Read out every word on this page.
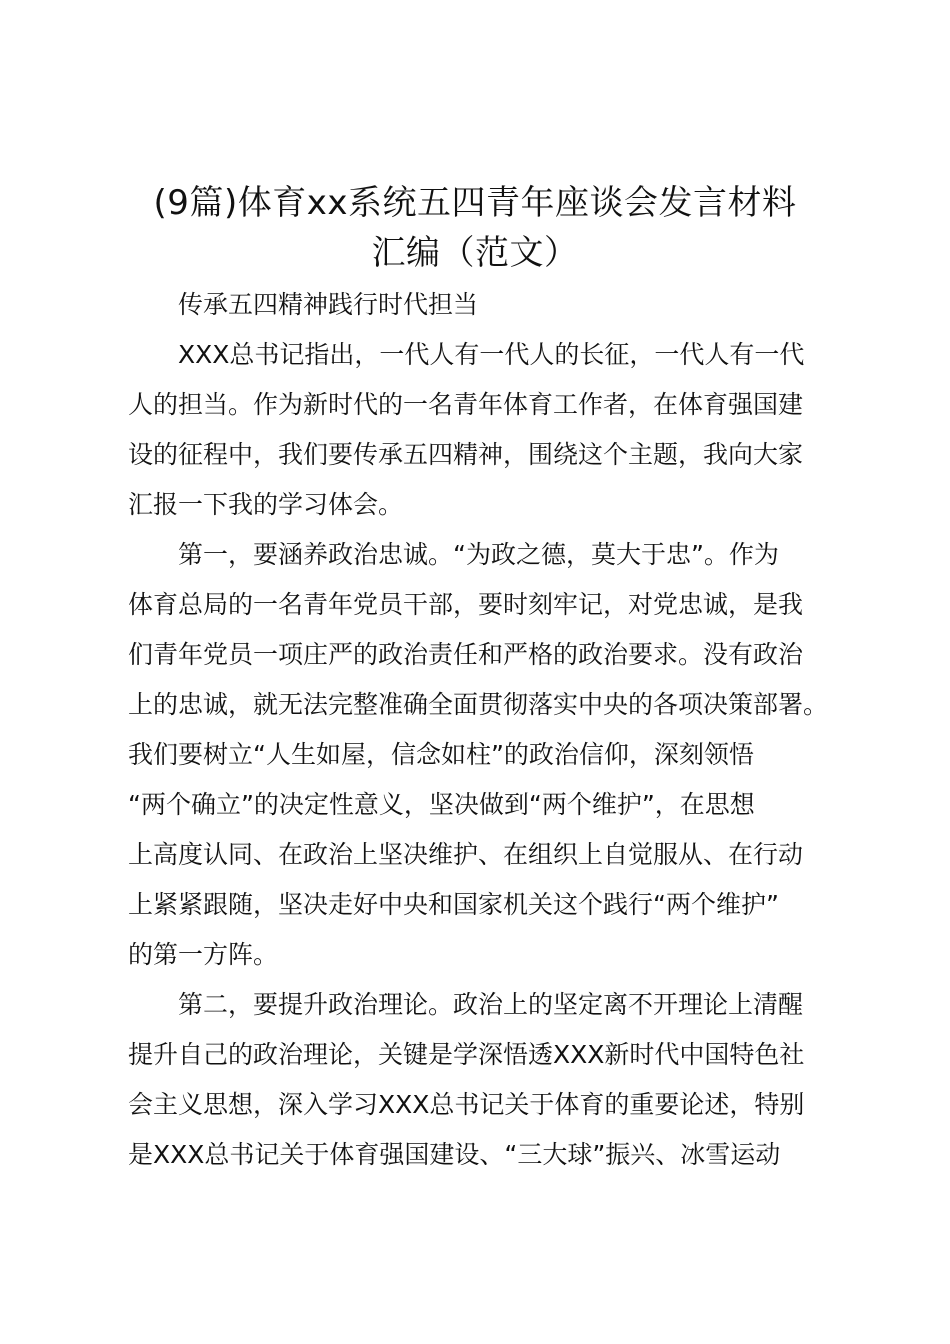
(9篇)体育xx系统五四青年座谈会发言材料
汇编（范文）
传承五四精神践行时代担当
XXX总书记指出，一代人有一代人的长征，一代人有一代
人的担当。作为新时代的一名青年体育工作者，在体育强国建
设的征程中，我们要传承五四精神，围绕这个主题，我向大家
汇报一下我的学习体会。
第一，要涵养政治忠诚。“为政之德，莫大于忠”。作为
体育总局的一名青年党员干部，要时刻牢记，对党忠诚，是我
们青年党员一项庄严的政治责任和严格的政治要求。没有政治
上的忠诚，就无法完整准确全面贯彻落实中央的各项决策部署。
我们要树立“人生如屋，信念如柱”的政治信仰，深刻领悟
“两个确立”的决定性意义，坚决做到“两个维护”，在思想
上高度认同、在政治上坚决维护、在组织上自觉服从、在行动
上紧紧跟随，坚决走好中央和国家机关这个践行“两个维护”
的第一方阵。
第二，要提升政治理论。政治上的坚定离不开理论上清醒
提升自己的政治理论，关键是学深悟透XXX新时代中国特色社
会主义思想，深入学习XXX总书记关于体育的重要论述，特别
是XXX总书记关于体育强国建设、“三大球”振兴、冰雪运动
